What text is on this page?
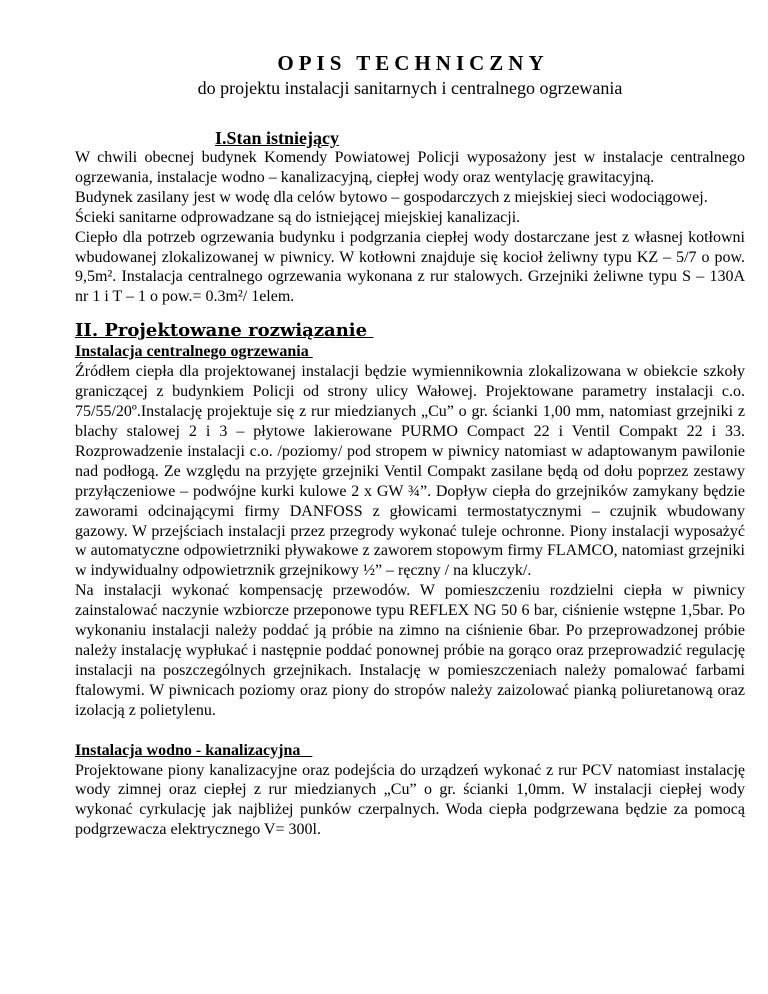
OPIS TECHNICZNY

do projektu instalacji sanitarnych i centralnego ogrzewania

I.Stan istniejący

W chwili obecnej budynek Komendy Powiatowej Policji wyposażony jest w instalacje centralnego ogrzewania, instalacje wodno – kanalizacyjną, ciepłej wody oraz wentylację grawitacyjną.

Budynek zasilany jest w wodę dla celów bytowo – gospodarczych z miejskiej sieci wodociągowej.

Ścieki sanitarne odprowadzane są do istniejącej miejskiej kanalizacji.

Ciepło dla potrzeb ogrzewania budynku i podgrzania ciepłej wody dostarczane jest z własnej kotłowni wbudowanej zlokalizowanej w piwnicy. W kotłowni znajduje się kocioł żeliwny typu KZ – 5/7 o pow. 9,5m². Instalacja centralnego ogrzewania wykonana z rur stalowych. Grzejniki żeliwne typu S – 130A nr 1 i T – 1 o pow.= 0.3m²/ 1elem.

II. Projektowane rozwiązanie
Instalacja centralnego ogrzewania

Źródłem ciepła dla projektowanej instalacji będzie wymiennikownia zlokalizowana w obiekcie szkoły graniczącej z budynkiem Policji od strony ulicy Wałowej. Projektowane parametry instalacji c.o. 75/55/20º.Instalację projektuje się z rur miedzianych „Cu” o gr. ścianki 1,00 mm, natomiast grzejniki z blachy stalowej 2 i 3 – płytowe lakierowane PURMO Compact 22 i Ventil Compakt 22 i 33. Rozprowadzenie instalacji c.o. /poziomy/ pod stropem w piwnicy natomiast w adaptowanym pawilonie nad podłogą. Ze względu na przyjęte grzejniki Ventil Compakt zasilane będą od dołu poprzez zestawy przyłączeniowe – podwójne kurki kulowe 2 x GW ¾”. Dopływ ciepła do grzejników zamykany będzie zaworami odcinającymi firmy DANFOSS z głowicami termostatycznymi – czujnik wbudowany gazowy. W przejściach instalacji przez przegrody wykonać tuleje ochronne. Piony instalacji wyposażyć w automatyczne odpowietrzniki pływakowe z zaworem stopowym firmy FLAMCO, natomiast grzejniki w indywidualny odpowietrznik grzejnikowy ½” – ręczny / na kluczyk/.

Na instalacji wykonać kompensację przewodów. W pomieszczeniu rozdzielni ciepła w piwnicy zainstalować naczynie wzbiorcze przeponowe typu REFLEX NG 50 6 bar, ciśnienie wstępne 1,5bar. Po wykonaniu instalacji należy poddać ją próbie na zimno na ciśnienie 6bar. Po przeprowadzonej próbie należy instalację wypłukać i następnie poddać ponownej próbie na gorąco oraz przeprowadzić regulację instalacji na poszczególnych grzejnikach. Instalację w pomieszczeniach należy pomalować farbami ftalowymi. W piwnicach poziomy oraz piony do stropów należy zaizolować pianką poliuretanową oraz izolacją z polietylenu.

Instalacja wodno - kanalizacyjna

Projektowane piony kanalizacyjne oraz podejścia do urządzeń wykonać z rur PCV natomiast instalację wody zimnej oraz ciepłej z rur miedzianych „Cu” o gr. ścianki 1,0mm. W instalacji ciepłej wody wykonać cyrkulację jak najbliżej punków czerpalnych. Woda ciepła podgrzewana będzie za pomocą podgrzewacza elektrycznego V= 300l.
